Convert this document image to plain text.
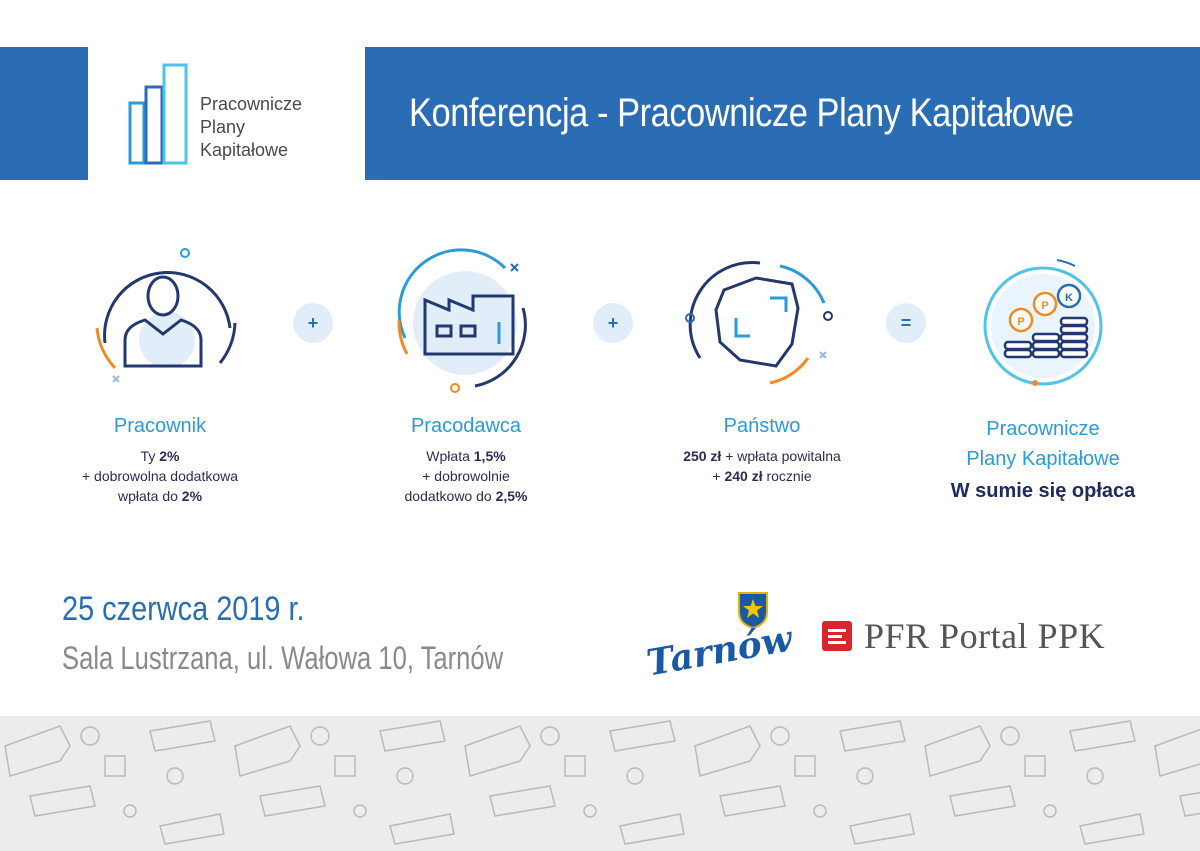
Pracownicze
Plany
Kapitałowe
Konferencja - Pracownicze Plany Kapitałowe
+	+	=	P
P
K
Pracownik
Ty 2%
+ dobrowolna dodatkowa
wpłata do 2%
Pracodawca
Wpłata 1,5%
+ dobrowolnie
dodatkowo do 2,5%
Państwo
250 zł + wpłata powitalna
+ 240 zł rocznie
Pracownicze
Plany Kapitałowe
W sumie się opłaca
25 czerwca 2019 r.
Sala Lustrzana, ul. Wałowa 10, Tarnów	Tarnów PFR Portal PPK
